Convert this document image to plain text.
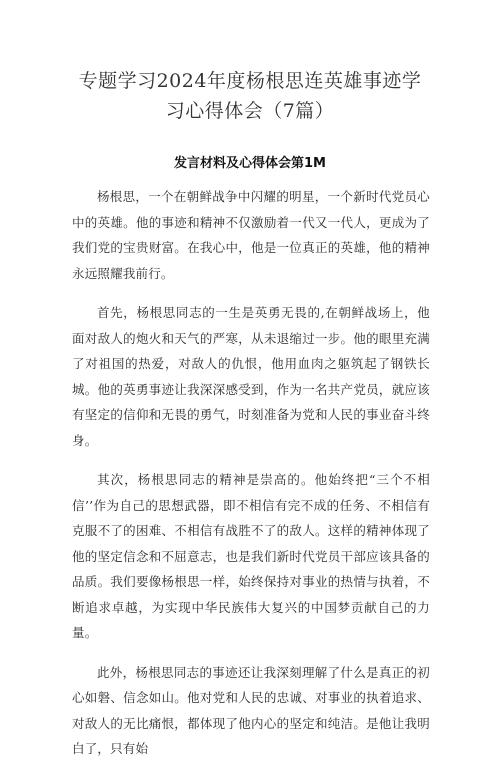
专题学习2024年度杨根思连英雄事迹学习心得体会（7篇）
发言材料及心得体会第1M

杨根思，一个在朝鲜战争中闪耀的明星，一个新时代党员心中的英雄。他的事迹和精神不仅激励着一代又一代人，更成为了我们党的宝贵财富。在我心中，他是一位真正的英雄，他的精神永远照耀我前行。

首先，杨根思同志的一生是英勇无畏的,在朝鲜战场上，他面对敌人的炮火和天气的严寒，从未退缩过一步。他的眼里充满了对祖国的热爱，对敌人的仇恨，他用血肉之躯筑起了钢铁长城。他的英勇事迹让我深深感受到，作为一名共产党员，就应该有坚定的信仰和无畏的勇气，时刻准备为党和人民的事业奋斗终身。

其次，杨根思同志的精神是崇高的。他始终把“三个不相信’’作为自己的思想武器，即不相信有完不成的任务、不相信有克服不了的困难、不相信有战胜不了的敌人。这样的精神体现了他的坚定信念和不屈意志，也是我们新时代党员干部应该具备的品质。我们要像杨根思一样，始终保持对事业的热情与执着，不断追求卓越，为实现中华民族伟大复兴的中国梦贡献自己的力量。

此外，杨根思同志的事迹还让我深刻理解了什么是真正的初心如磐、信念如山。他对党和人民的忠诚、对事业的执着追求、对敌人的无比痛恨，都体现了他内心的坚定和纯洁。是他让我明白了，只有始
